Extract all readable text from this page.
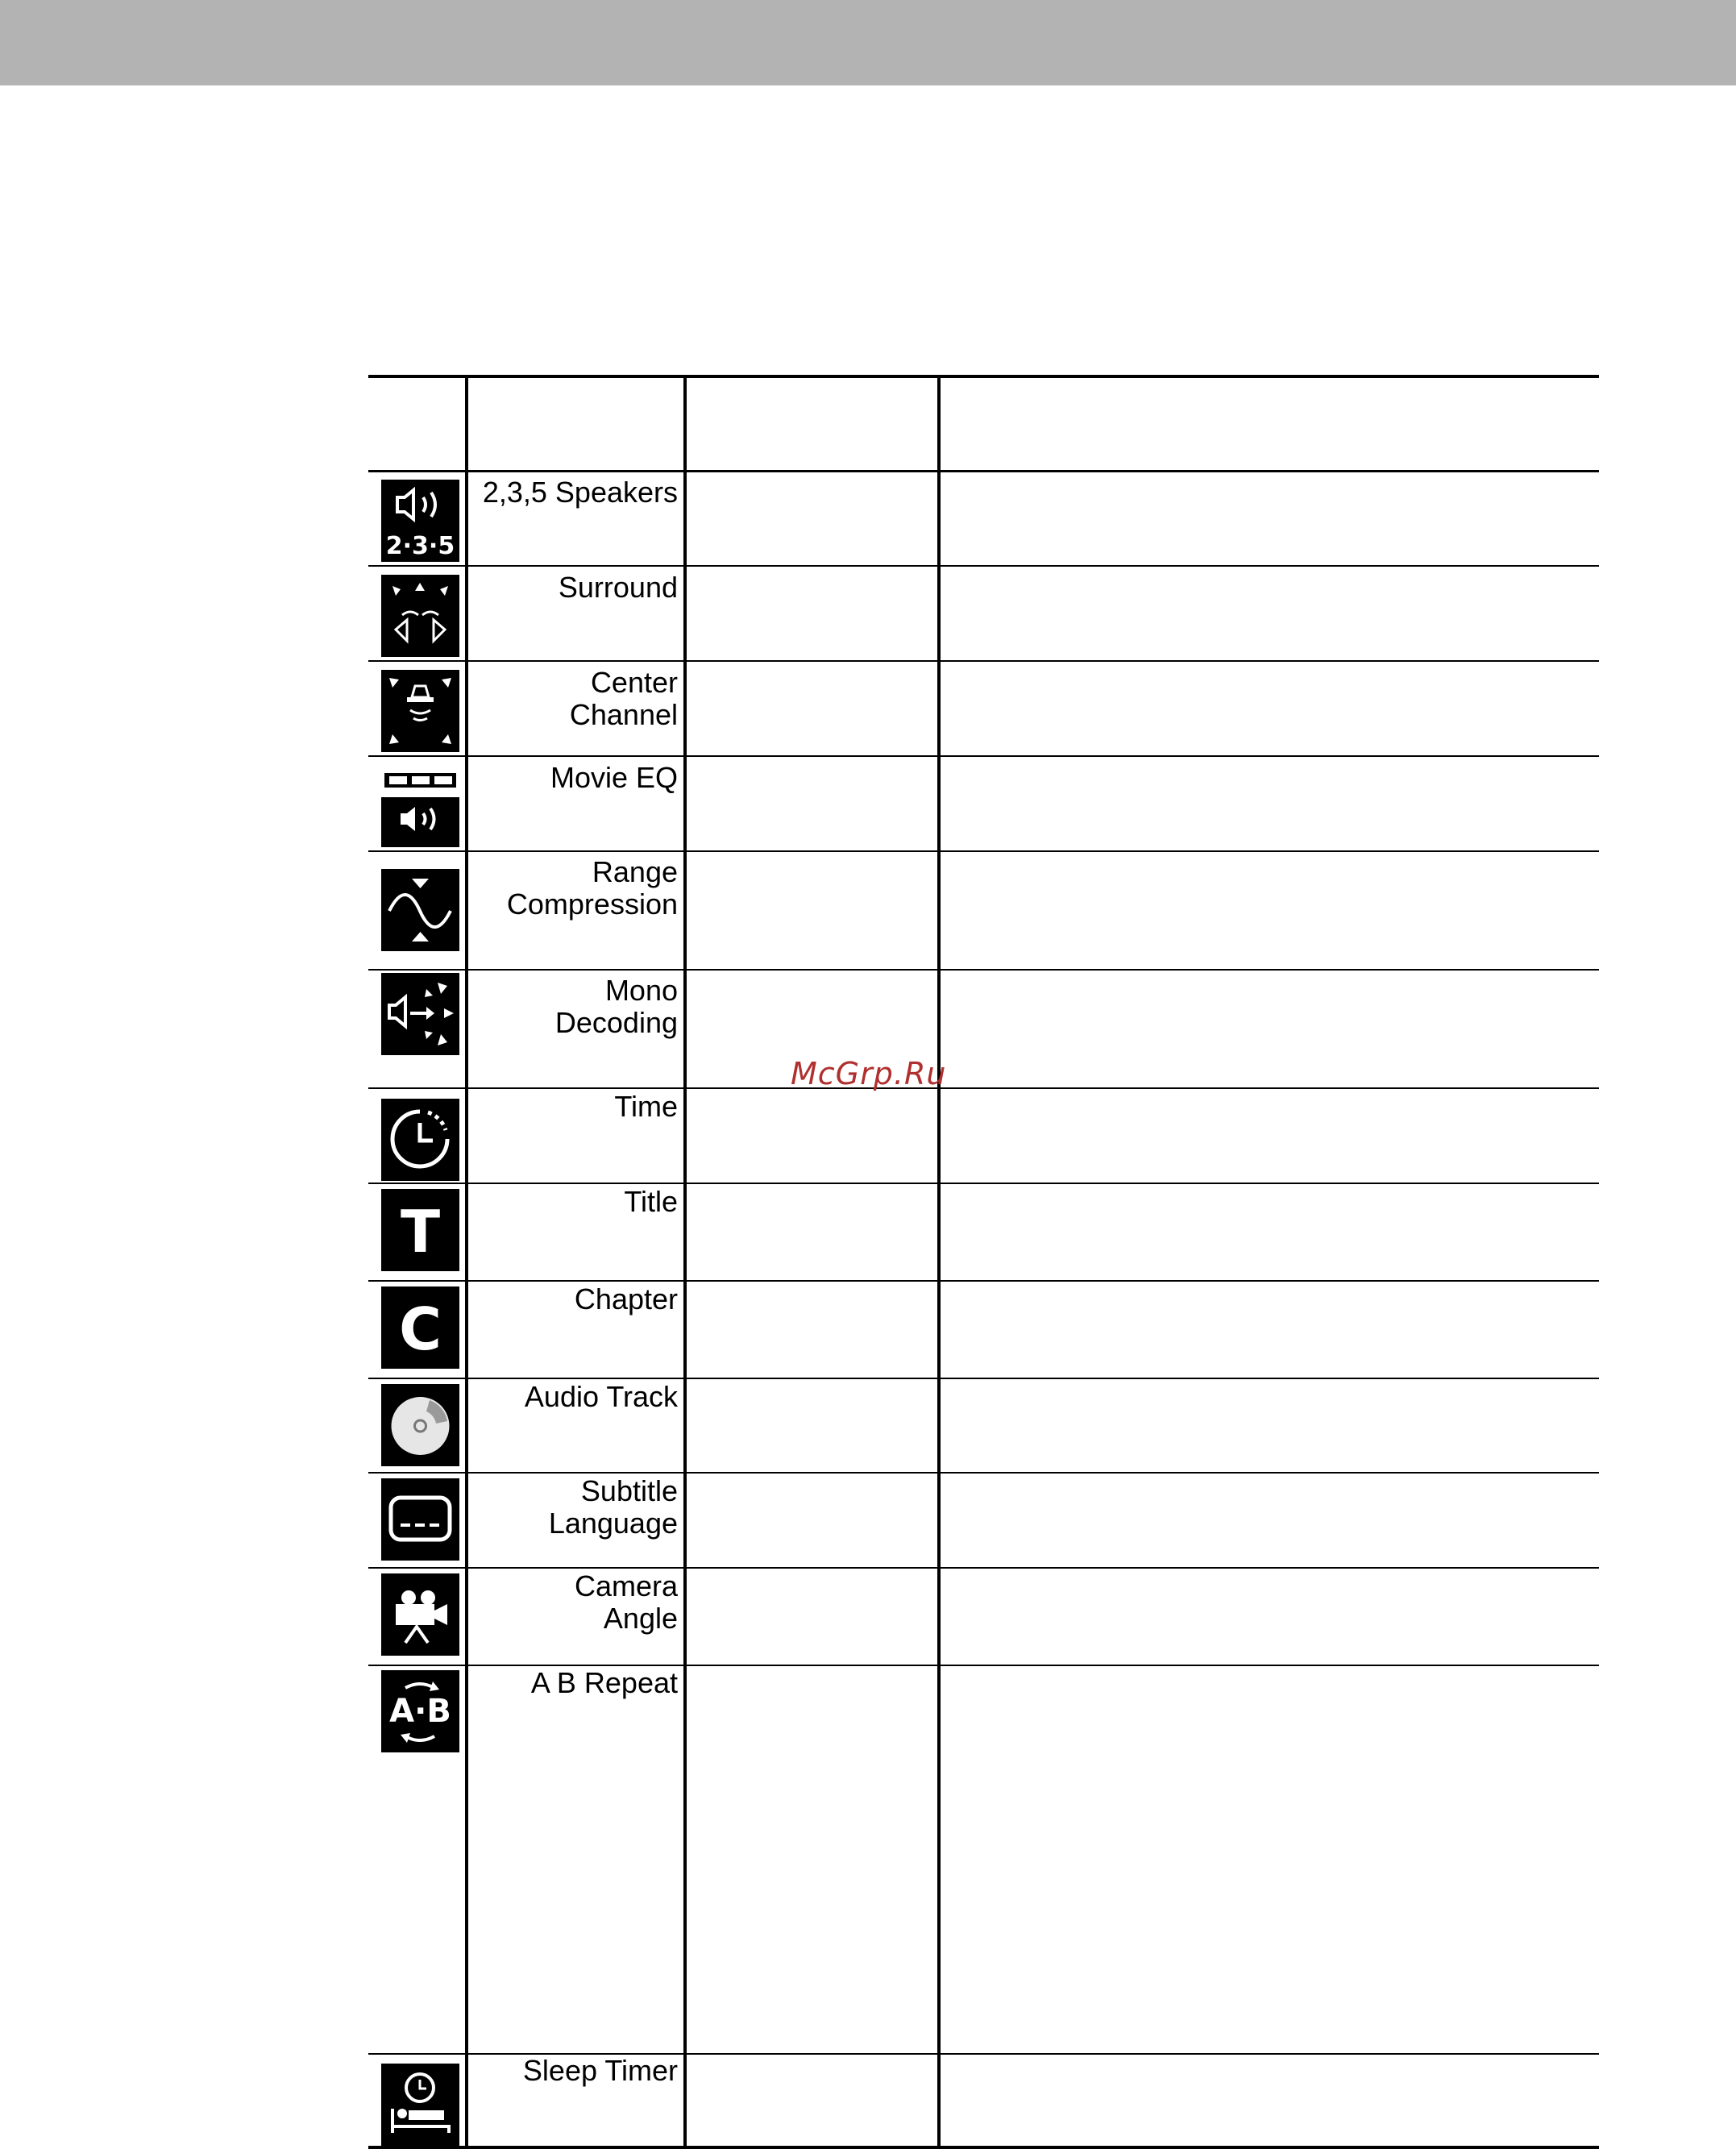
2·3·5
2,3,5 Speakers
Surround
Center
Channel
Movie EQ
Range
Compression
Mono
Decoding
Time
T	Title
C	Chapter
Audio Track
Subtitle
Language
Camera
Angle
A·B
A B Repeat
Sleep Timer
McGrp.Ru
